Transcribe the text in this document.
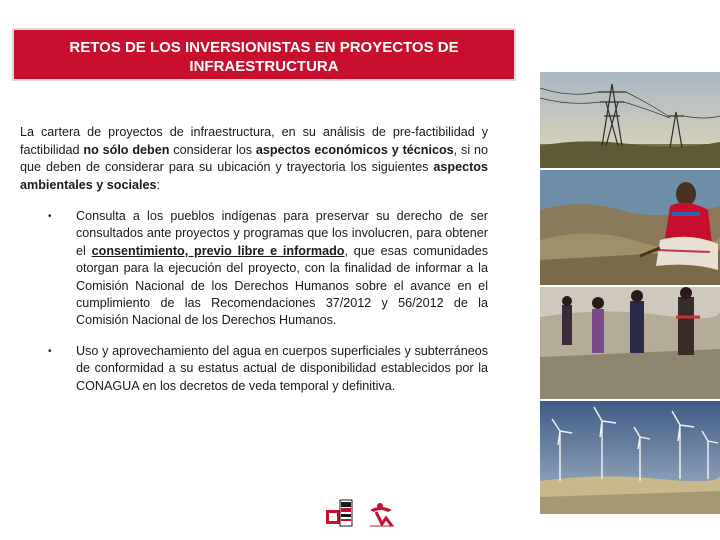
RETOS DE LOS INVERSIONISTAS EN PROYECTOS DE
INFRAESTRUCTURA

La cartera de proyectos de infraestructura, en su análisis de pre-factibilidad y factibilidad no sólo deben considerar los aspectos económicos y técnicos, si no que deben de considerar para su ubicación y trayectoria los siguientes aspectos ambientales y sociales:

• Consulta a los pueblos indígenas para preservar su derecho de ser consultados ante proyectos y programas que los involucren, para obtener el consentimiento, previo libre e informado, que esas comunidades otorgan para la ejecución del proyecto, con la finalidad de informar a la Comisión Nacional de los Derechos Humanos sobre el avance en el cumplimiento de las Recomendaciones 37/2012 y 56/2012 de la Comisión Nacional de los Derechos Humanos.
• Uso y aprovechamiento del agua en cuerpos superficiales y subterráneos de conformidad a su estatus actual de disponibilidad establecidos por la CONAGUA en los decretos de veda temporal y definitiva.
